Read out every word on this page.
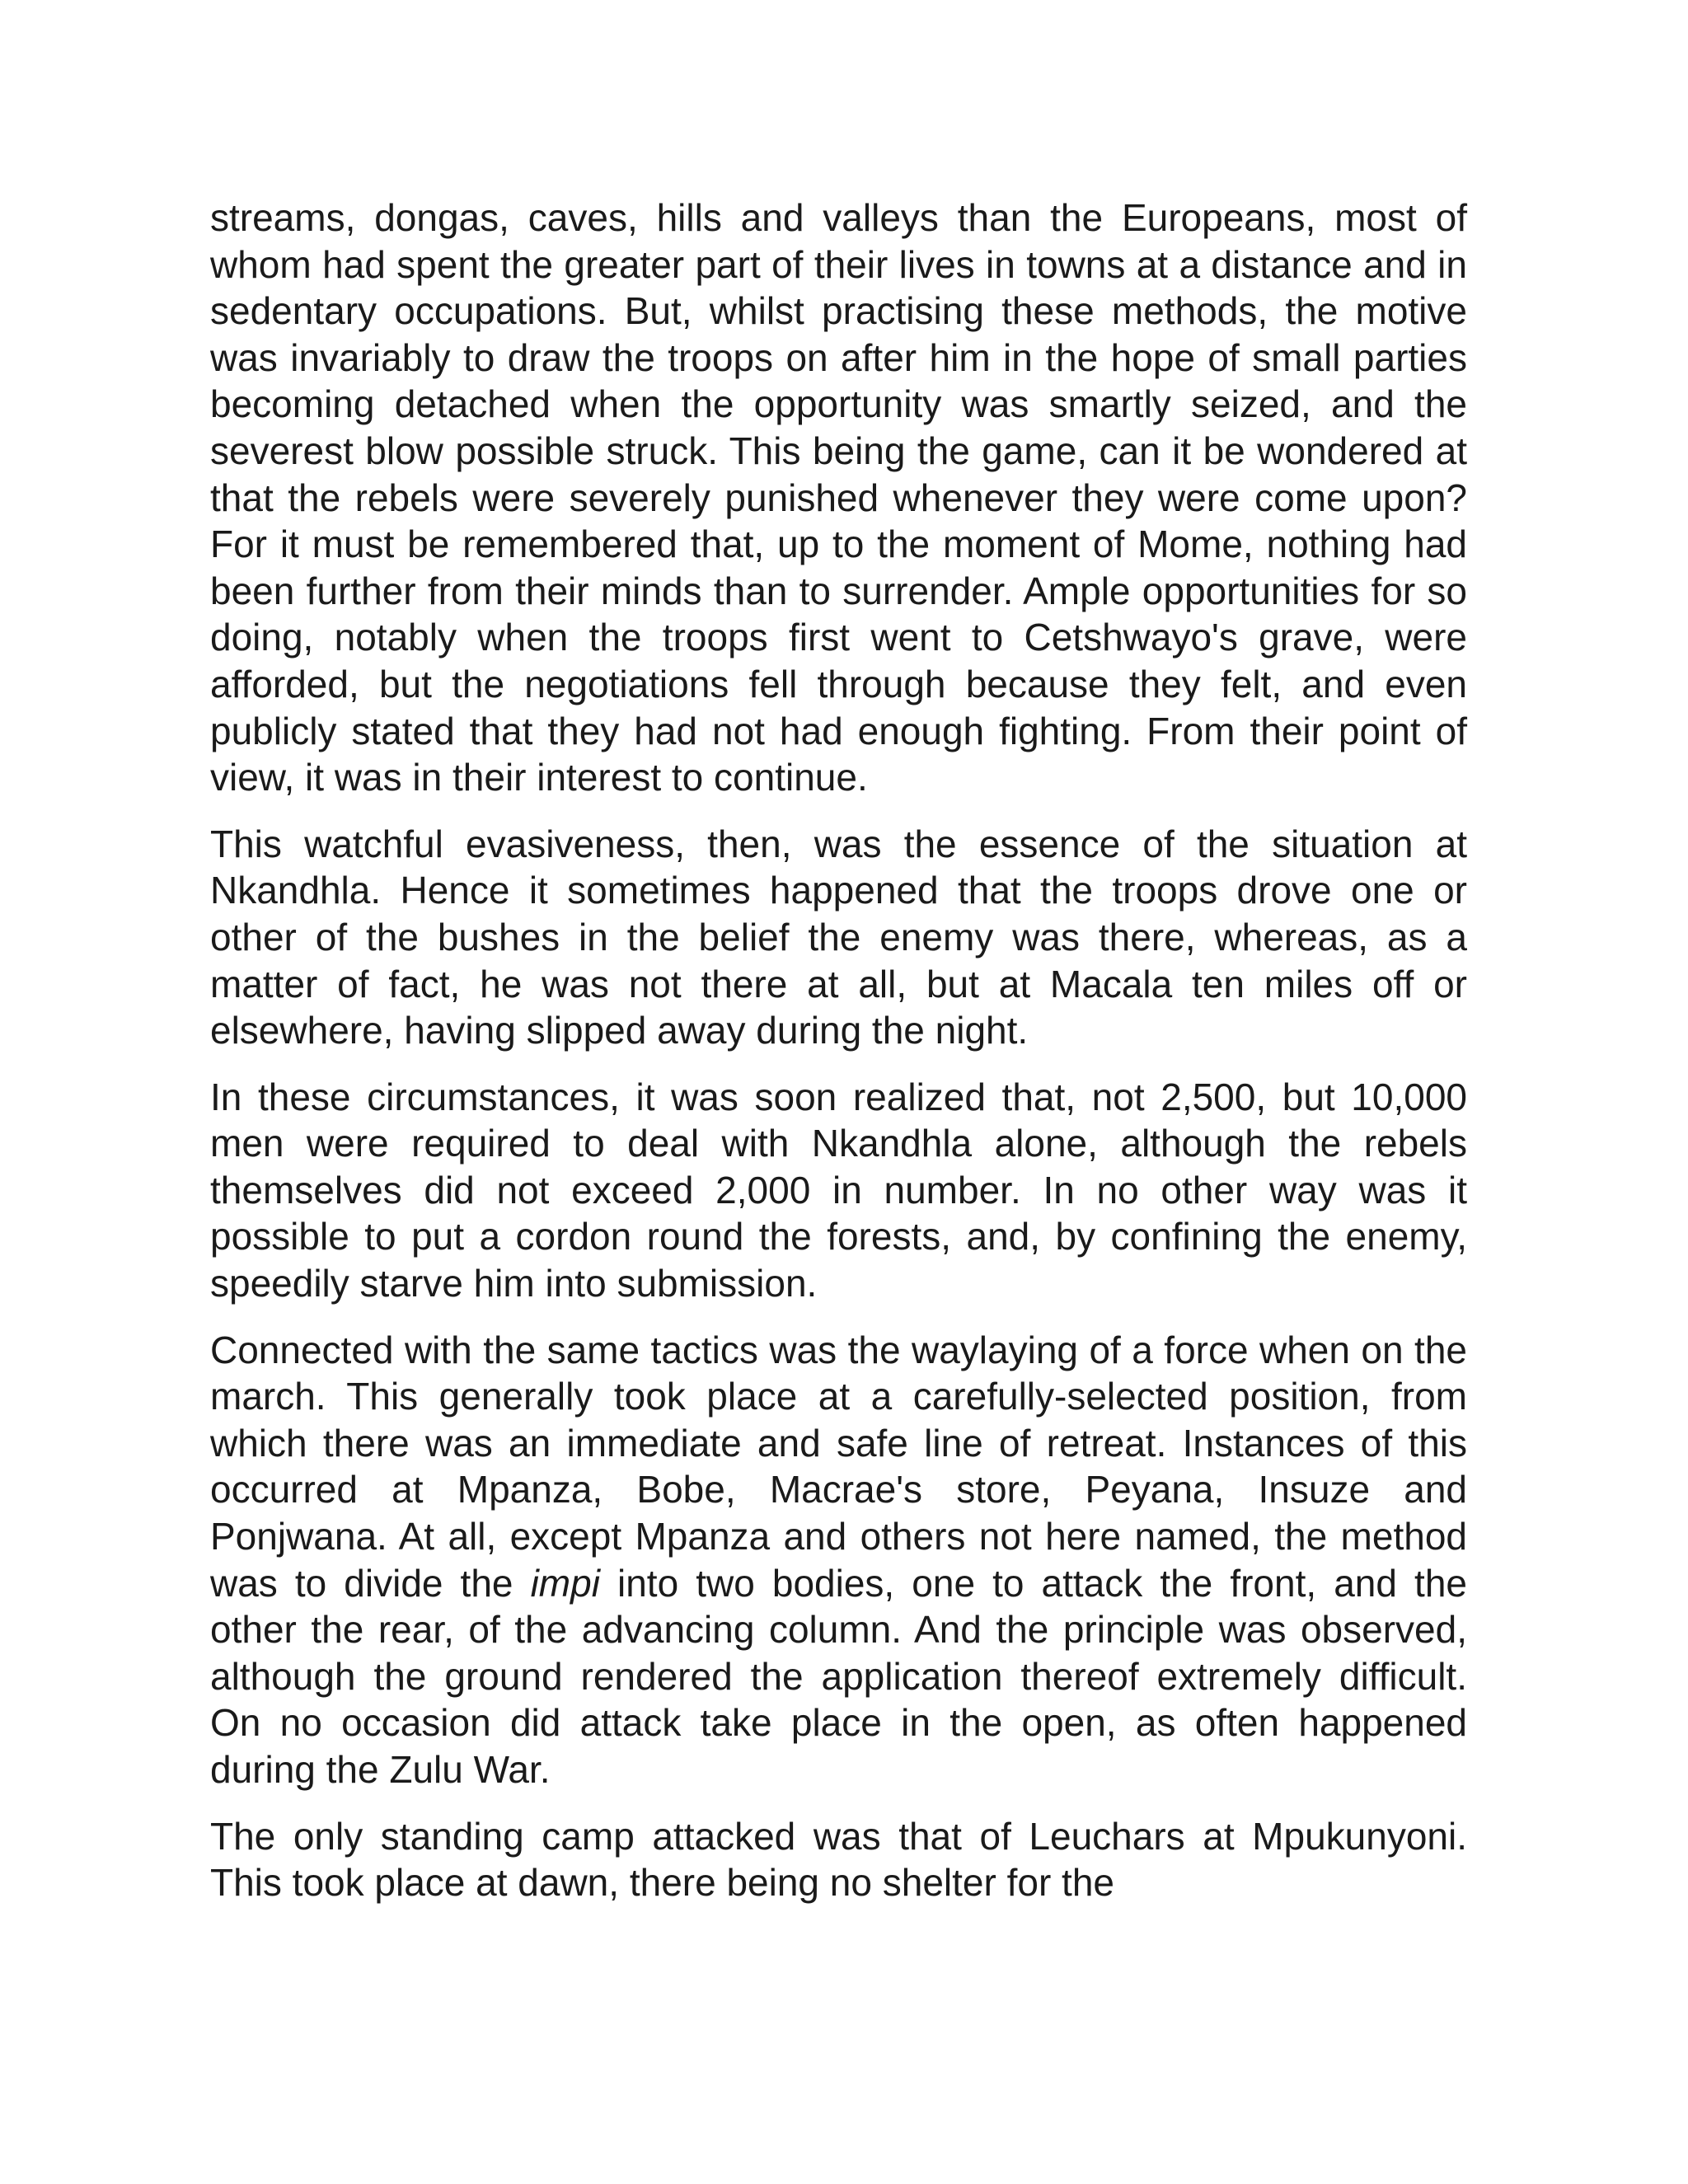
streams, dongas, caves, hills and valleys than the Europeans, most of whom had spent the greater part of their lives in towns at a distance and in sedentary occupations. But, whilst practising these methods, the motive was invariably to draw the troops on after him in the hope of small parties becoming detached when the opportunity was smartly seized, and the severest blow possible struck. This being the game, can it be wondered at that the rebels were severely punished whenever they were come upon? For it must be remembered that, up to the moment of Mome, nothing had been further from their minds than to surrender. Ample opportunities for so doing, notably when the troops first went to Cetshwayo's grave, were afforded, but the negotiations fell through because they felt, and even publicly stated that they had not had enough fighting. From their point of view, it was in their interest to continue.

This watchful evasiveness, then, was the essence of the situation at Nkandhla. Hence it sometimes happened that the troops drove one or other of the bushes in the belief the enemy was there, whereas, as a matter of fact, he was not there at all, but at Macala ten miles off or elsewhere, having slipped away during the night.

In these circumstances, it was soon realized that, not 2,500, but 10,000 men were required to deal with Nkandhla alone, although the rebels themselves did not exceed 2,000 in number. In no other way was it possible to put a cordon round the forests, and, by confining the enemy, speedily starve him into submission.

Connected with the same tactics was the waylaying of a force when on the march. This generally took place at a carefully-selected position, from which there was an immediate and safe line of retreat. Instances of this occurred at Mpanza, Bobe, Macrae's store, Peyana, Insuze and Ponjwana. At all, except Mpanza and others not here named, the method was to divide the impi into two bodies, one to attack the front, and the other the rear, of the advancing column. And the principle was observed, although the ground rendered the application thereof extremely difficult. On no occasion did attack take place in the open, as often happened during the Zulu War.

The only standing camp attacked was that of Leuchars at Mpukunyoni. This took place at dawn, there being no shelter for the
